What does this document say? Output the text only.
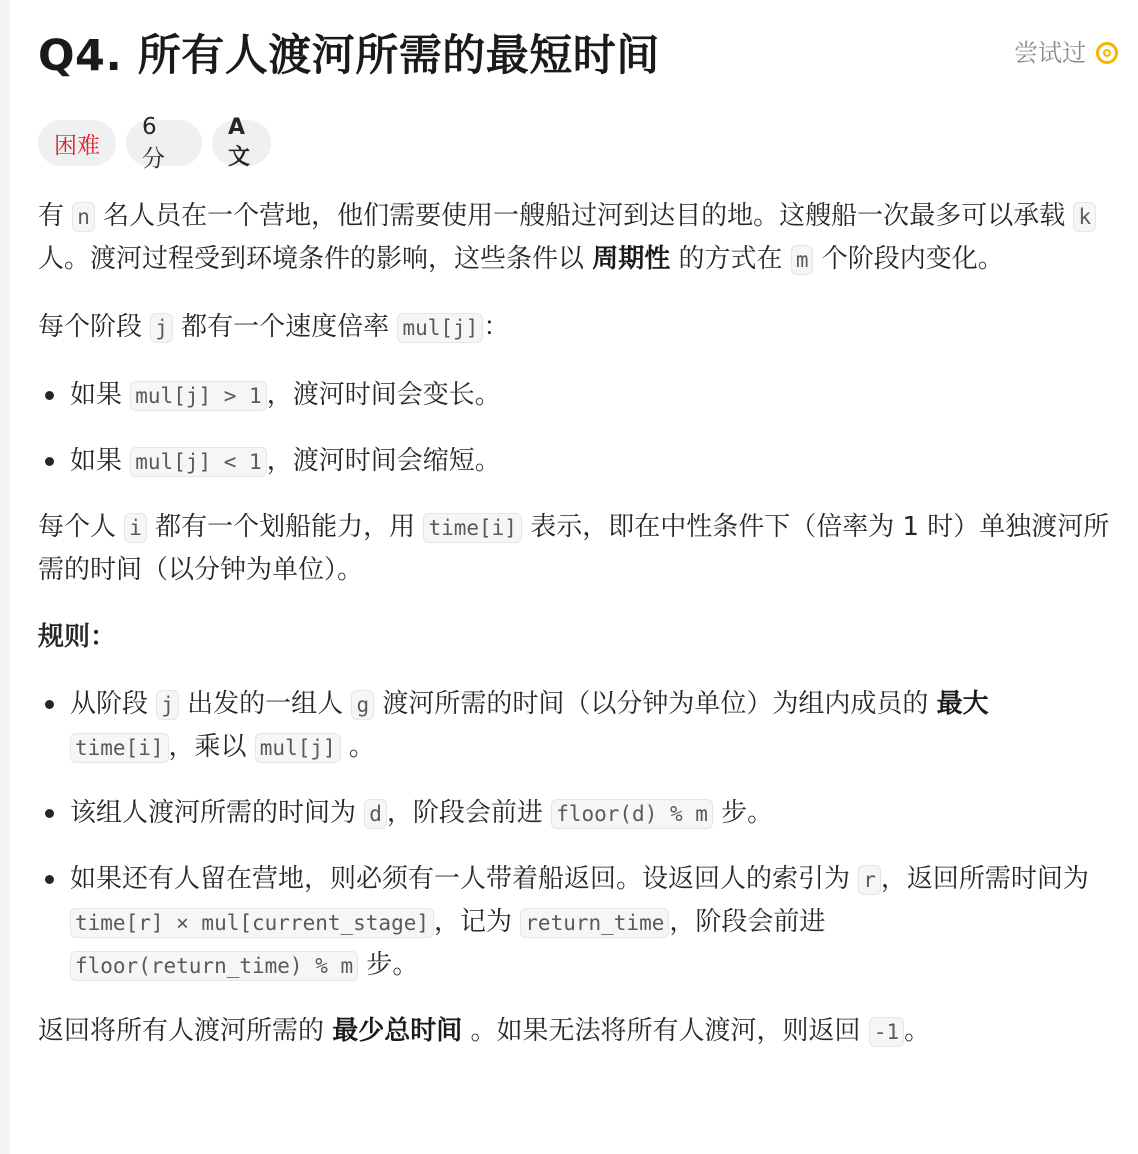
Q4. 所有人渡河所需的最短时间	尝试过
困难
6 分
A文

有 n 名人员在一个营地，他们需要使用一艘船过河到达目的地。这艘船一次最多可以承载 k 人。渡河过程受到环境条件的影响，这些条件以 周期性 的方式在 m 个阶段内变化。

每个阶段 j 都有一个速度倍率 mul[j] ：

如果 mul[j] > 1 ，渡河时间会变长。
如果 mul[j] < 1 ，渡河时间会缩短。

每个人 i 都有一个划船能力，用 time[i] 表示，即在中性条件下（倍率为 1 时）单独渡河所需的时间（以分钟为单位）。

规则：

从阶段 j 出发的一组人 g 渡河所需的时间（以分钟为单位）为组内成员的 最大
time[i] ，乘以 mul[j] 。
该组人渡河所需的时间为 d ，阶段会前进 floor(d) % m 步。
如果还有人留在营地，则必须有一人带着船返回。设返回人的索引为 r ，返回所需时间为 time[r] × mul[current_stage] ，记为 return_time ，阶段会前进
floor(return_time) % m 步。

返回将所有人渡河所需的 最少总时间 。如果无法将所有人渡河，则返回 -1 。
